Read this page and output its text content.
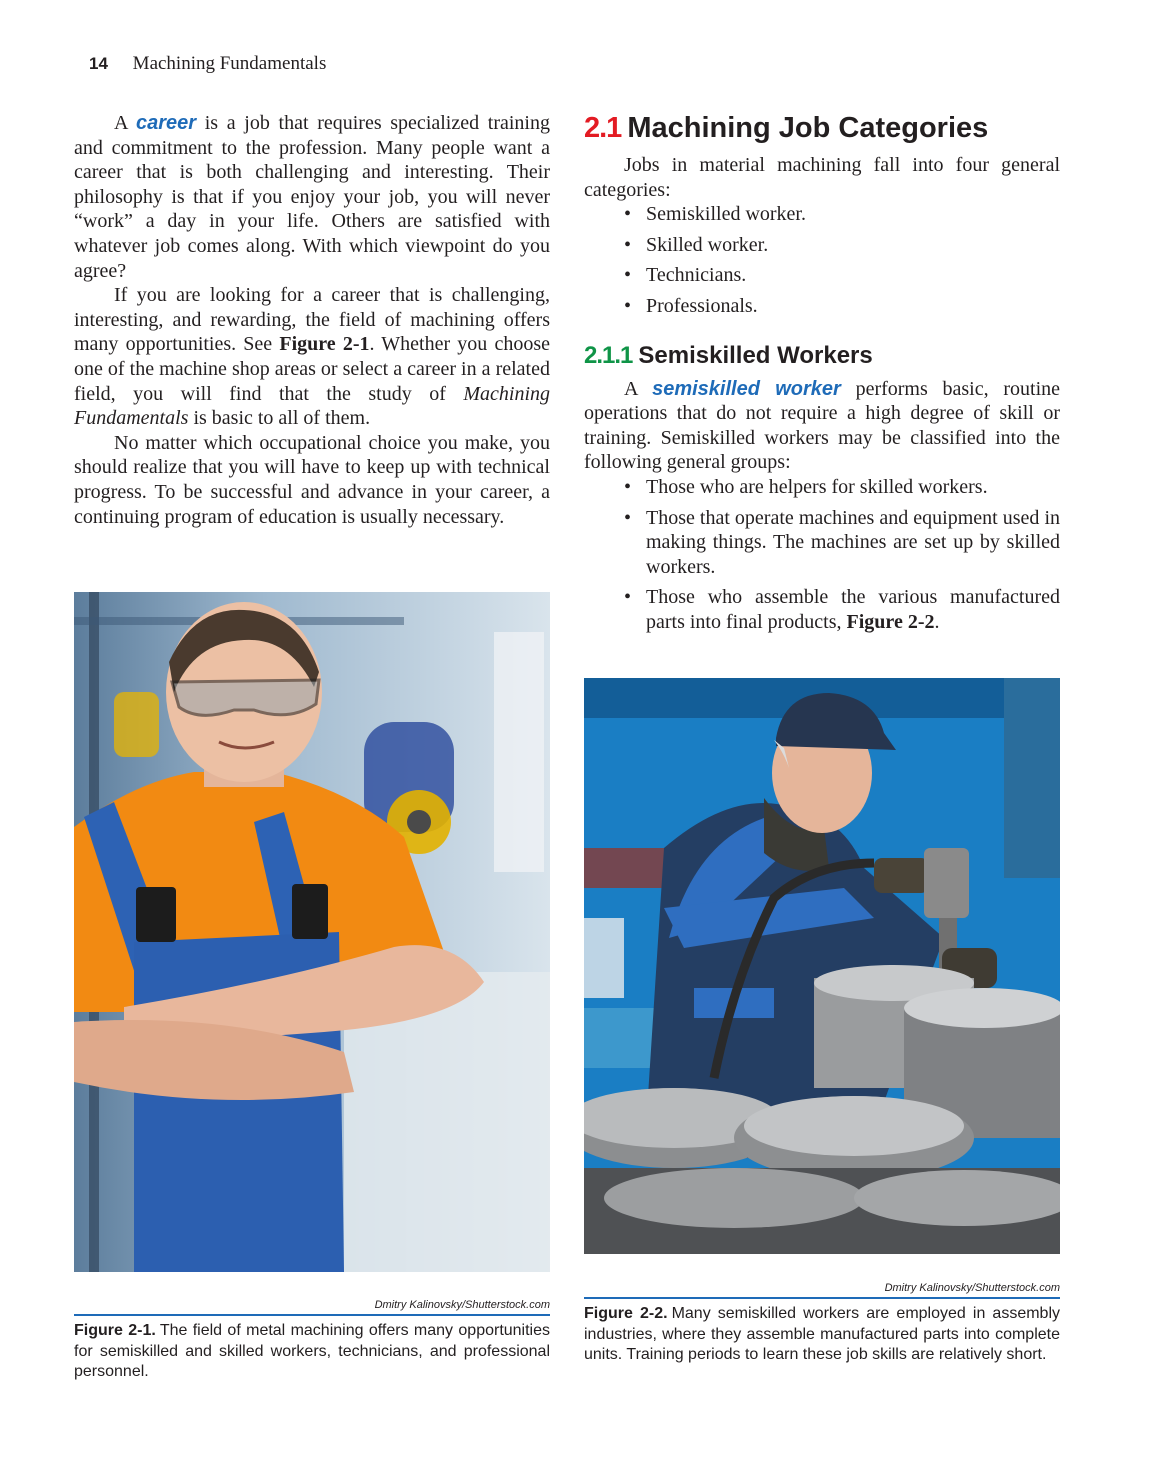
14 Machining Fundamentals

A career is a job that requires specialized training and commitment to the profession. Many people want a career that is both challenging and interesting. Their philosophy is that if you enjoy your job, you will never “work” a day in your life. Others are satisfied with whatever job comes along. With which viewpoint do you agree?

If you are looking for a career that is challenging, interesting, and rewarding, the field of machining offers many opportunities. See Figure 2-1. Whether you choose one of the machine shop areas or select a career in a related field, you will find that the study of Machining Fundamentals is basic to all of them.

No matter which occupational choice you make, you should realize that you will have to keep up with technical progress. To be successful and advance in your career, a continuing program of education is usually necessary.

2.1 Machining Job Categories

Jobs in material machining fall into four general categories:

• Semiskilled worker.
• Skilled worker.
• Technicians.
• Professionals.
2.1.1 Semiskilled Workers

A semiskilled worker performs basic, routine operations that do not require a high degree of skill or training. Semiskilled workers may be classified into the following general groups:

• Those who are helpers for skilled workers.
• Those that operate machines and equipment used in making things. The machines are set up by skilled workers.
• Those who assemble the various manufactured parts into final products, Figure 2-2.
Dmitry Kalinovsky/Shutterstock.com
Figure 2-1. The field of metal machining offers many opportunities for semiskilled and skilled workers, technicians, and professional personnel.
Dmitry Kalinovsky/Shutterstock.com
Figure 2-2. Many semiskilled workers are employed in assembly industries, where they assemble manufactured parts into complete units. Training periods to learn these job skills are relatively short.
